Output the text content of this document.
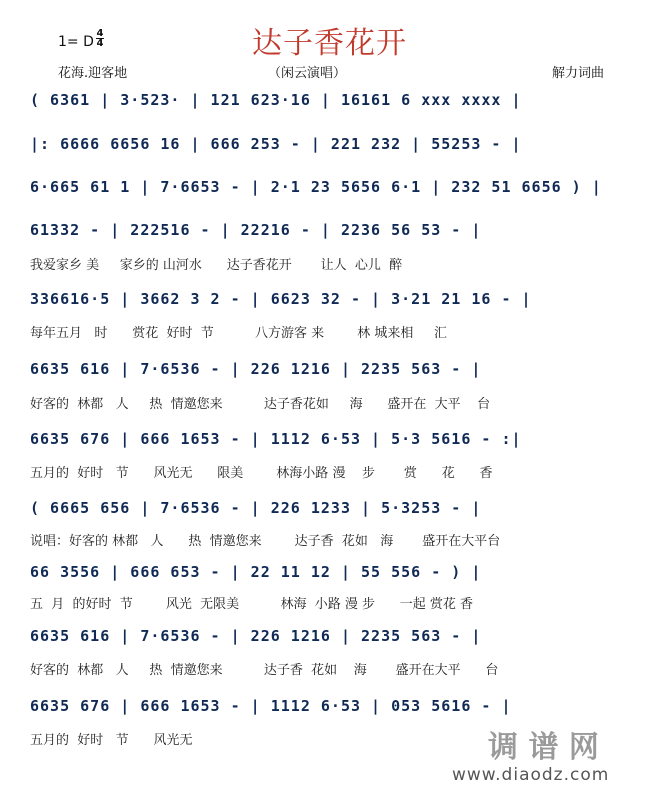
达子香花开
1= D
4
4
花海.迎客地	（闲云演唱）	解力词曲
( 6361 | 3·523· | 121 623·16 | 16161 6 xxx xxxx |
|: 6666 6656 16 | 666 253 - | 221 232 | 55253 - |
6·665 61 1 | 7·6653 - | 2·1 23 5656 6·1 | 232 51 6656 ) |
61332 - | 222516 - | 22216 - | 2236 56 53 - |
我爱家乡 美     家乡的 山河水      达子香花开       让人  心儿  醉
336616·5 | 3662 3 2 - | 6623 32 - | 3·21 21 16 - |
每年五月   时      赏花  好时  节          八方游客 来        林 城来相     汇
6635 616 | 7·6536 - | 226 1216 | 2235 563 - |
好客的  林都   人     热  情邀您来          达子香花如     海      盛开在  大平    台
6635 676 | 666 1653 - | 1112 6·53 | 5·3 5616 - :|
五月的  好时   节      风光无      限美        林海小路 漫    步       赏      花      香
( 6665 656 | 7·6536 - | 226 1233 | 5·3253 - |
说唱：好客的 林都   人      热  情邀您来        达子香  花如   海       盛开在大平台
66 3556 | 666 653 - | 22 11 12 | 55 556 - ) |
五  月  的好时  节        风光  无限美          林海  小路 漫 步      一起 赏花 香
6635 616 | 7·6536 - | 226 1216 | 2235 563 - |
好客的  林都   人     热  情邀您来          达子香  花如    海       盛开在大平      台
6635 676 | 666 1653 - | 1112 6·53 | 053 5616 - |
五月的  好时   节      风光无	调 谱 网
www.diaodz.com
